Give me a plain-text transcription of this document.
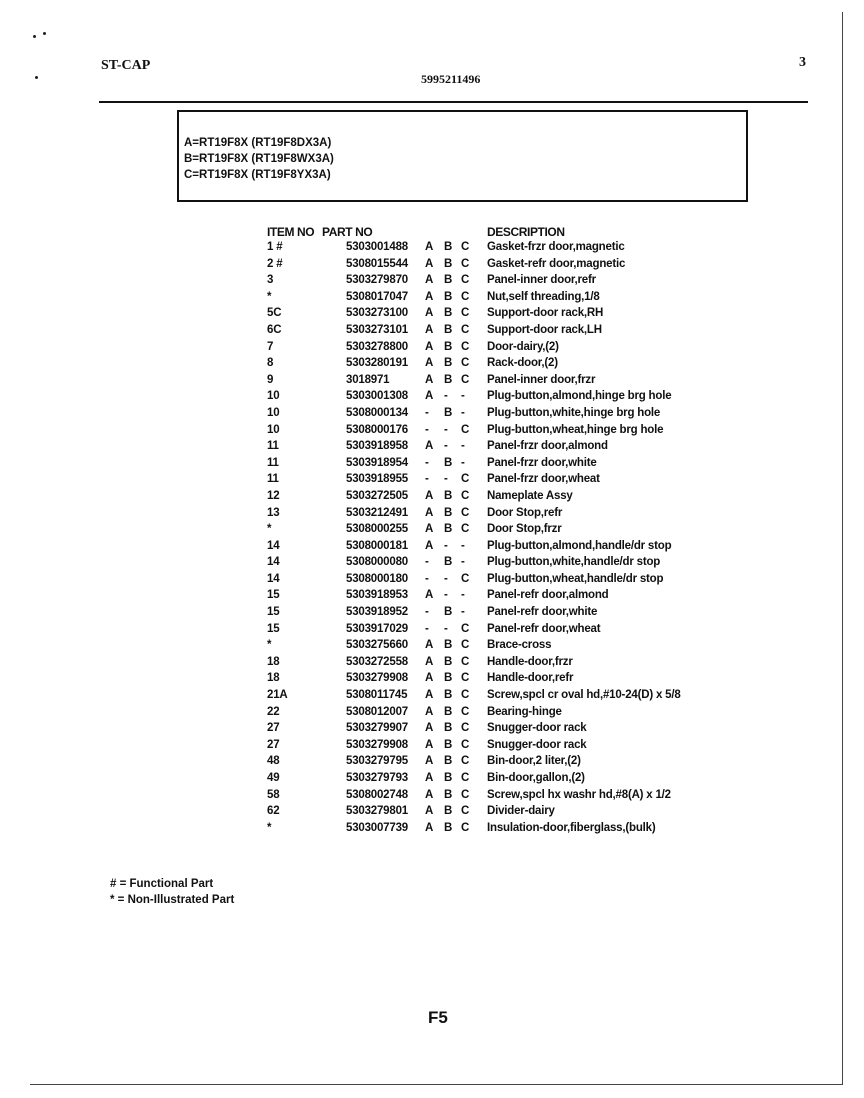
ST-CAP
5995211496
3
A=RT19F8X (RT19F8DX3A)
B=RT19F8X (RT19F8WX3A)
C=RT19F8X (RT19F8YX3A)
ITEM NO PART NO	DESCRIPTION
1 #	5303001488 A B C Gasket-frzr door,magnetic
2 #	5308015544 A B C Gasket-refr door,magnetic
3	5303279870 A B C Panel-inner door,refr
*	5308017047 A B C Nut,self threading,1/8
5C	5303273100 A B C Support-door rack,RH
6C	5303273101 A B C Support-door rack,LH
7	5303278800 A B C Door-dairy,(2)
8	5303280191 A B C Rack-door,(2)
9	3018971	A B C Panel-inner door,frzr
10	5303001308 A - - Plug-button,almond,hinge brg hole
10	5308000134 - B - Plug-button,white,hinge brg hole
10	5308000176 - - C Plug-button,wheat,hinge brg hole
11	5303918958 A - - Panel-frzr door,almond
11	5303918954 - B - Panel-frzr door,white
11	5303918955 - - C Panel-frzr door,wheat
12	5303272505 A B C Nameplate Assy
13	5303212491 A B C Door Stop,refr
*	5308000255 A B C Door Stop,frzr
14	5308000181 A - - Plug-button,almond,handle/dr stop
14	5308000080 - B - Plug-button,white,handle/dr stop
14	5308000180 - - C Plug-button,wheat,handle/dr stop
15	5303918953 A - - Panel-refr door,almond
15	5303918952 - B - Panel-refr door,white
15	5303917029 - - C Panel-refr door,wheat
*	5303275660 A B C Brace-cross
18	5303272558 A B C Handle-door,frzr
18	5303279908 A B C Handle-door,refr
21A	5308011745 A B C Screw,spcl cr oval hd,#10-24(D) x 5/8
22	5308012007 A B C Bearing-hinge
27	5303279907 A B C Snugger-door rack
27	5303279908 A B C Snugger-door rack
48	5303279795 A B C Bin-door,2 liter,(2)
49	5303279793 A B C Bin-door,gallon,(2)
58	5308002748 A B C Screw,spcl hx washr hd,#8(A) x 1/2
62	5303279801 A B C Divider-dairy
*	5303007739 A B C Insulation-door,fiberglass,(bulk)
# = Functional Part
* = Non-Illustrated Part
F5
